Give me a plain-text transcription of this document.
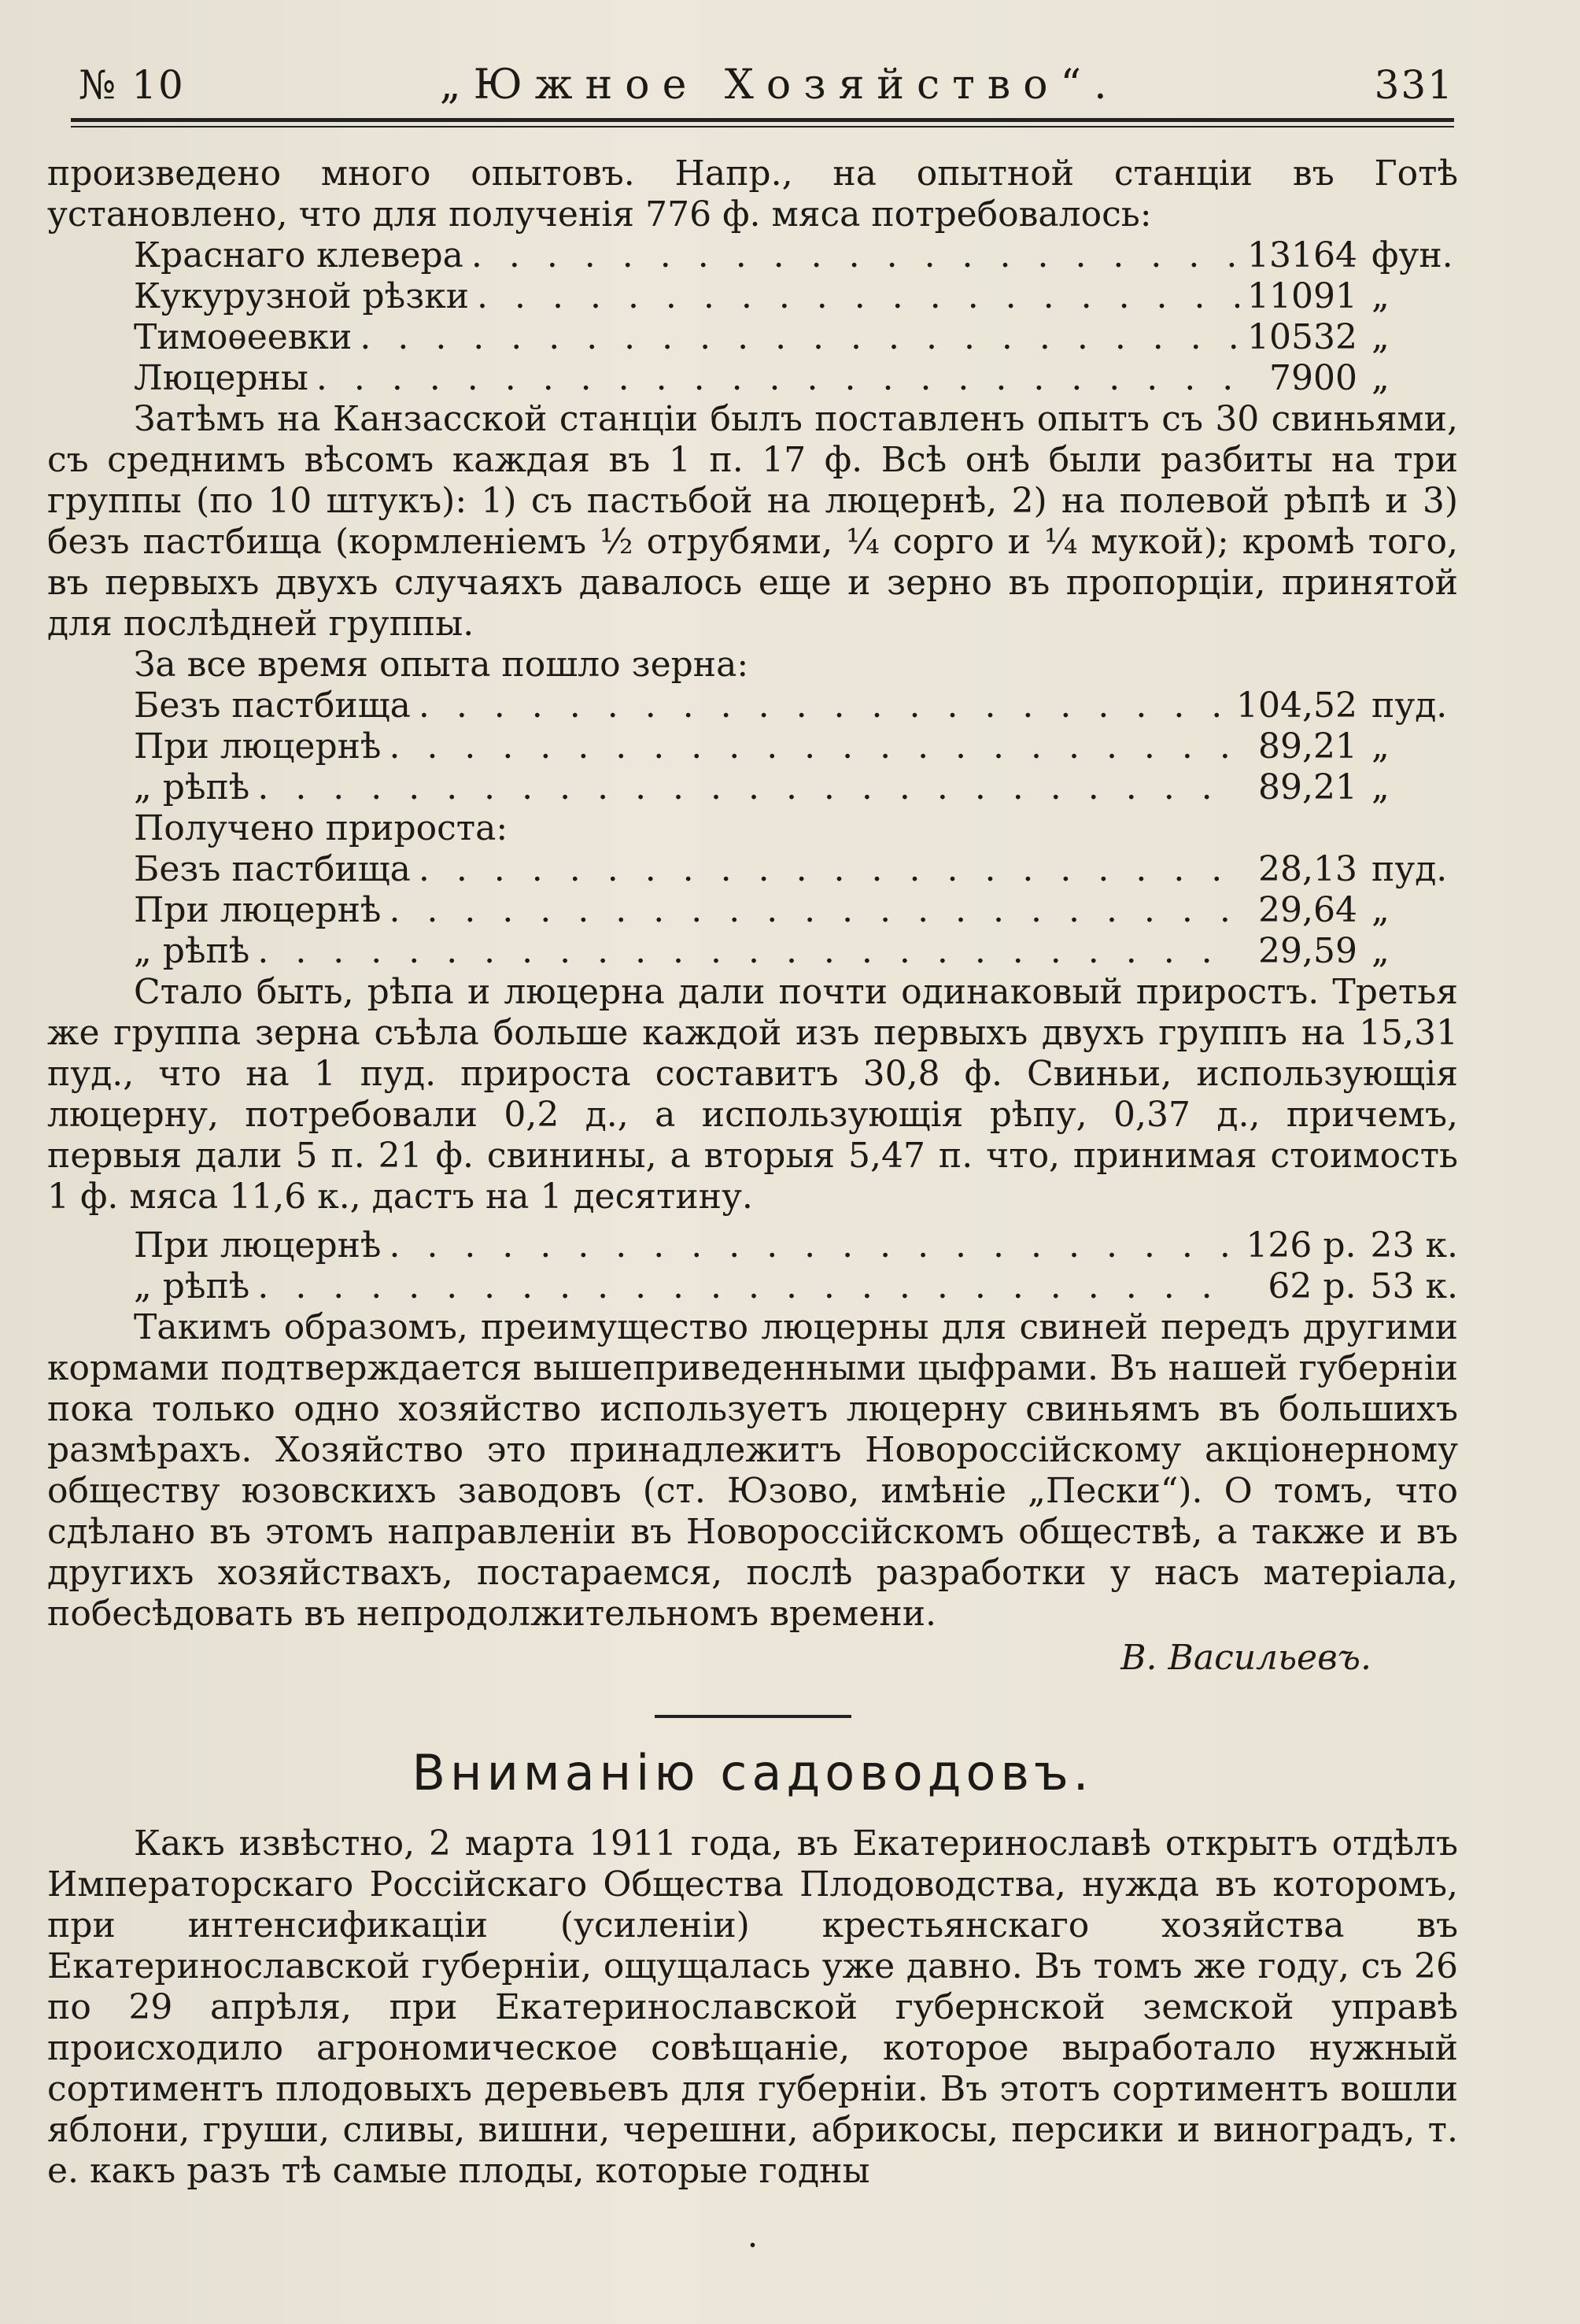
№ 10	„Южное Хозяйство“.	331

произведено много опытовъ. Напр., на опытной станціи въ Готѣ установлено, что для полученія 776 ф. мяса потребовалось:

Краснаго клевера . . .	13164 фун.
Кукурузной рѣзки . . .	11091 „
Тимоѳеевки . . .	10532 „
Люцерны . . .	7900 „

Затѣмъ на Канзасской станціи былъ поставленъ опытъ съ 30 свиньями, съ среднимъ вѣсомъ каждая въ 1 п. 17 ф. Всѣ онѣ были разбиты на три группы (по 10 штукъ): 1) съ пастьбой на люцернѣ, 2) на полевой рѣпѣ и 3) безъ пастбища (кормленіемъ ½ отрубями, ¼ сорго и ¼ мукой); кромѣ того, въ первыхъ двухъ случаяхъ давалось еще и зерно въ пропорціи, принятой для послѣдней группы.

За все время опыта пошло зерна:
Безъ пастбища . . .	104,52 пуд.
При люцернѣ . . .	89,21 „
„ рѣпѣ . . .	89,21 „
Получено прироста:
Безъ пастбища . . .	28,13 пуд.
При люцернѣ . . .	29,64 „
„ рѣпѣ . . .	29,59 „

Стало быть, рѣпа и люцерна дали почти одинаковый приростъ. Третья же группа зерна съѣла больше каждой изъ первыхъ двухъ группъ на 15,31 пуд., что на 1 пуд. прироста составитъ 30,8 ф. Свиньи, использующія люцерну, потребовали 0,2 д., а использующія рѣпу, 0,37 д., причемъ, первыя дали 5 п. 21 ф. свинины, а вторыя 5,47 п. что, принимая стоимость 1 ф. мяса 11,6 к., дастъ на 1 десятину.

При люцернѣ . . .	126 р. 23 к.
„ рѣпѣ . . .	62 р. 53 к.

Такимъ образомъ, преимущество люцерны для свиней передъ другими кормами подтверждается вышеприведенными цыфрами. Въ нашей губерніи пока только одно хозяйство используетъ люцерну свиньямъ въ большихъ размѣрахъ. Хозяйство это принадлежитъ Новороссійскому акціонерному обществу юзовскихъ заводовъ (ст. Юзово, имѣніе „Пески“). О томъ, что сдѣлано въ этомъ направленіи въ Новороссійскомъ обществѣ, а также и въ другихъ хозяйствахъ, постараемся, послѣ разработки у насъ матеріала, побесѣдовать въ непродолжительномъ времени.

В. Васильевъ.
Вниманію садоводовъ.

Какъ извѣстно, 2 марта 1911 года, въ Екатеринославѣ открытъ отдѣлъ Императорскаго Россійскаго Общества Плодоводства, нужда въ которомъ, при интенсификаціи (усиленіи) крестьянскаго хозяйства въ Екатеринославской губерніи, ощущалась уже давно. Въ томъ же году, съ 26 по 29 апрѣля, при Екатеринославской губернской земской управѣ происходило агрономическое совѣщаніе, которое выработало нужный сортиментъ плодовыхъ деревьевъ для губерніи. Въ этотъ сортиментъ вошли яблони, груши, сливы, вишни, черешни, абрикосы, персики и виноградъ, т. е. какъ разъ тѣ самые плоды, которые годны

.
